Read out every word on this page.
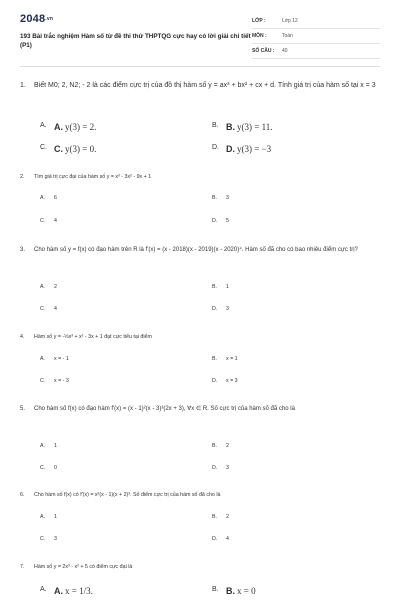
2048.vn
193 Bài trắc nghiệm Hàm số từ đề thi thử THPTQG cực hay có lời giải chi tiết (P1)
LỚP :	Lớp 12
MÔN :	Toán
SỐ CÂU :	40
1.	Biết M0; 2, N2; - 2 là các điểm cực trị của đồ thị hàm số y = ax³ + bx² + cx + d. Tính giá trị của hàm số tại x = 3
A. A. y(3) = 2.	B. B. y(3) = 11.
C. C. y(3) = 0.	D. D. y(3) = −3
2.	Tìm giá trị cực đại của hàm số y = x³ - 3x² - 9x + 1
A.	6	B.	3
C.	4	D.	5
3.	Cho hàm số y = f(x) có đạo hàm trên R là f'(x) = (x - 2018)(x - 2019)(x - 2020)⁴. Hàm số đã cho có bao nhiêu điểm cực trị?
A.	2	B.	1
C.	4	D.	3
4.	Hàm số y = -⅓x³ + x² - 3x + 1 đạt cực tiểu tại điểm
A.	x = - 1	B.	x = 1
C.	x = - 3	D.	x = 3
5.	Cho hàm số f(x) có đạo hàm f'(x) = (x - 1)²(x - 3)³(2x + 3), ∀x ∈ R. Số cực trị của hàm số đã cho là
A.	1	B.	2
C.	0	D.	3
6.	Cho hàm số f(x) có f'(x) = x²(x - 1)(x + 2)³. Số điểm cực trị của hàm số đã cho là
A.	1	B.	2
C.	3	D.	4
7.	Hàm số y = 2x³ - x² + 5 có điểm cực đại là
A. A. x = 1/3.	B. B. x = 0
